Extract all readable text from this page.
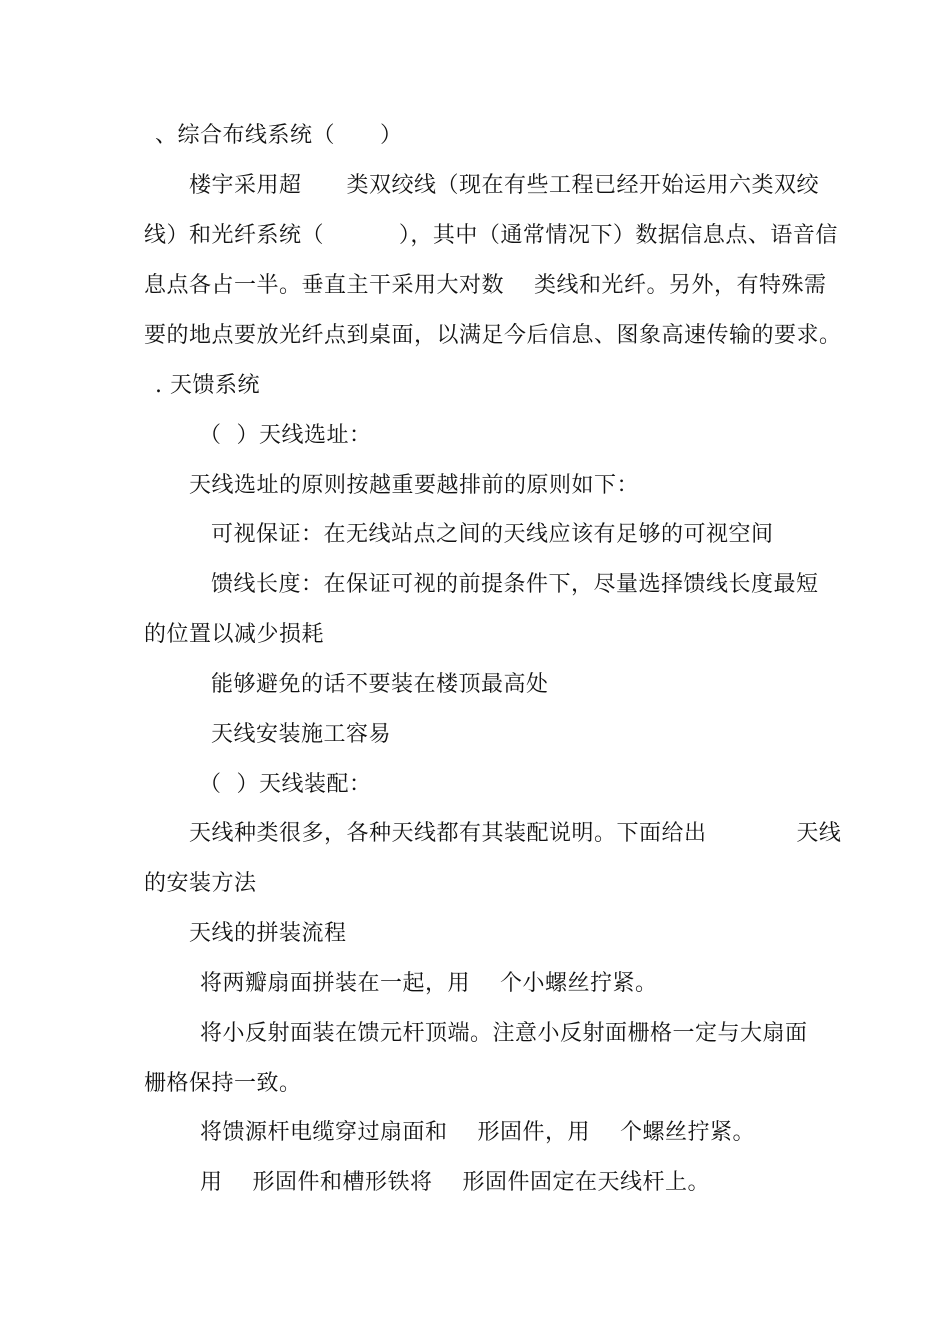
、综合布线系统（      ）
楼宇采用超      类双绞线（现在有些工程已经开始运用六类双绞
线）和光纤系统（          ），其中（通常情况下）数据信息点、语音信
息点各占一半。垂直主干采用大对数    类线和光纤。另外，有特殊需
要的地点要放光纤点到桌面，以满足今后信息、图象高速传输的要求。
. 天馈系统
（  ）天线选址：
天线选址的原则按越重要越排前的原则如下：
可视保证：在无线站点之间的天线应该有足够的可视空间
馈线长度：在保证可视的前提条件下，尽量选择馈线长度最短
的位置以减少损耗
能够避免的话不要装在楼顶最高处
天线安装施工容易
（  ）天线装配：
天线种类很多，各种天线都有其装配说明。下面给出            天线
的安装方法
天线的拼装流程
将两瓣扇面拼装在一起，用    个小螺丝拧紧。
将小反射面装在馈元杆顶端。注意小反射面栅格一定与大扇面
栅格保持一致。
将馈源杆电缆穿过扇面和    形固件，用    个螺丝拧紧。
用    形固件和槽形铁将    形固件固定在天线杆上。
